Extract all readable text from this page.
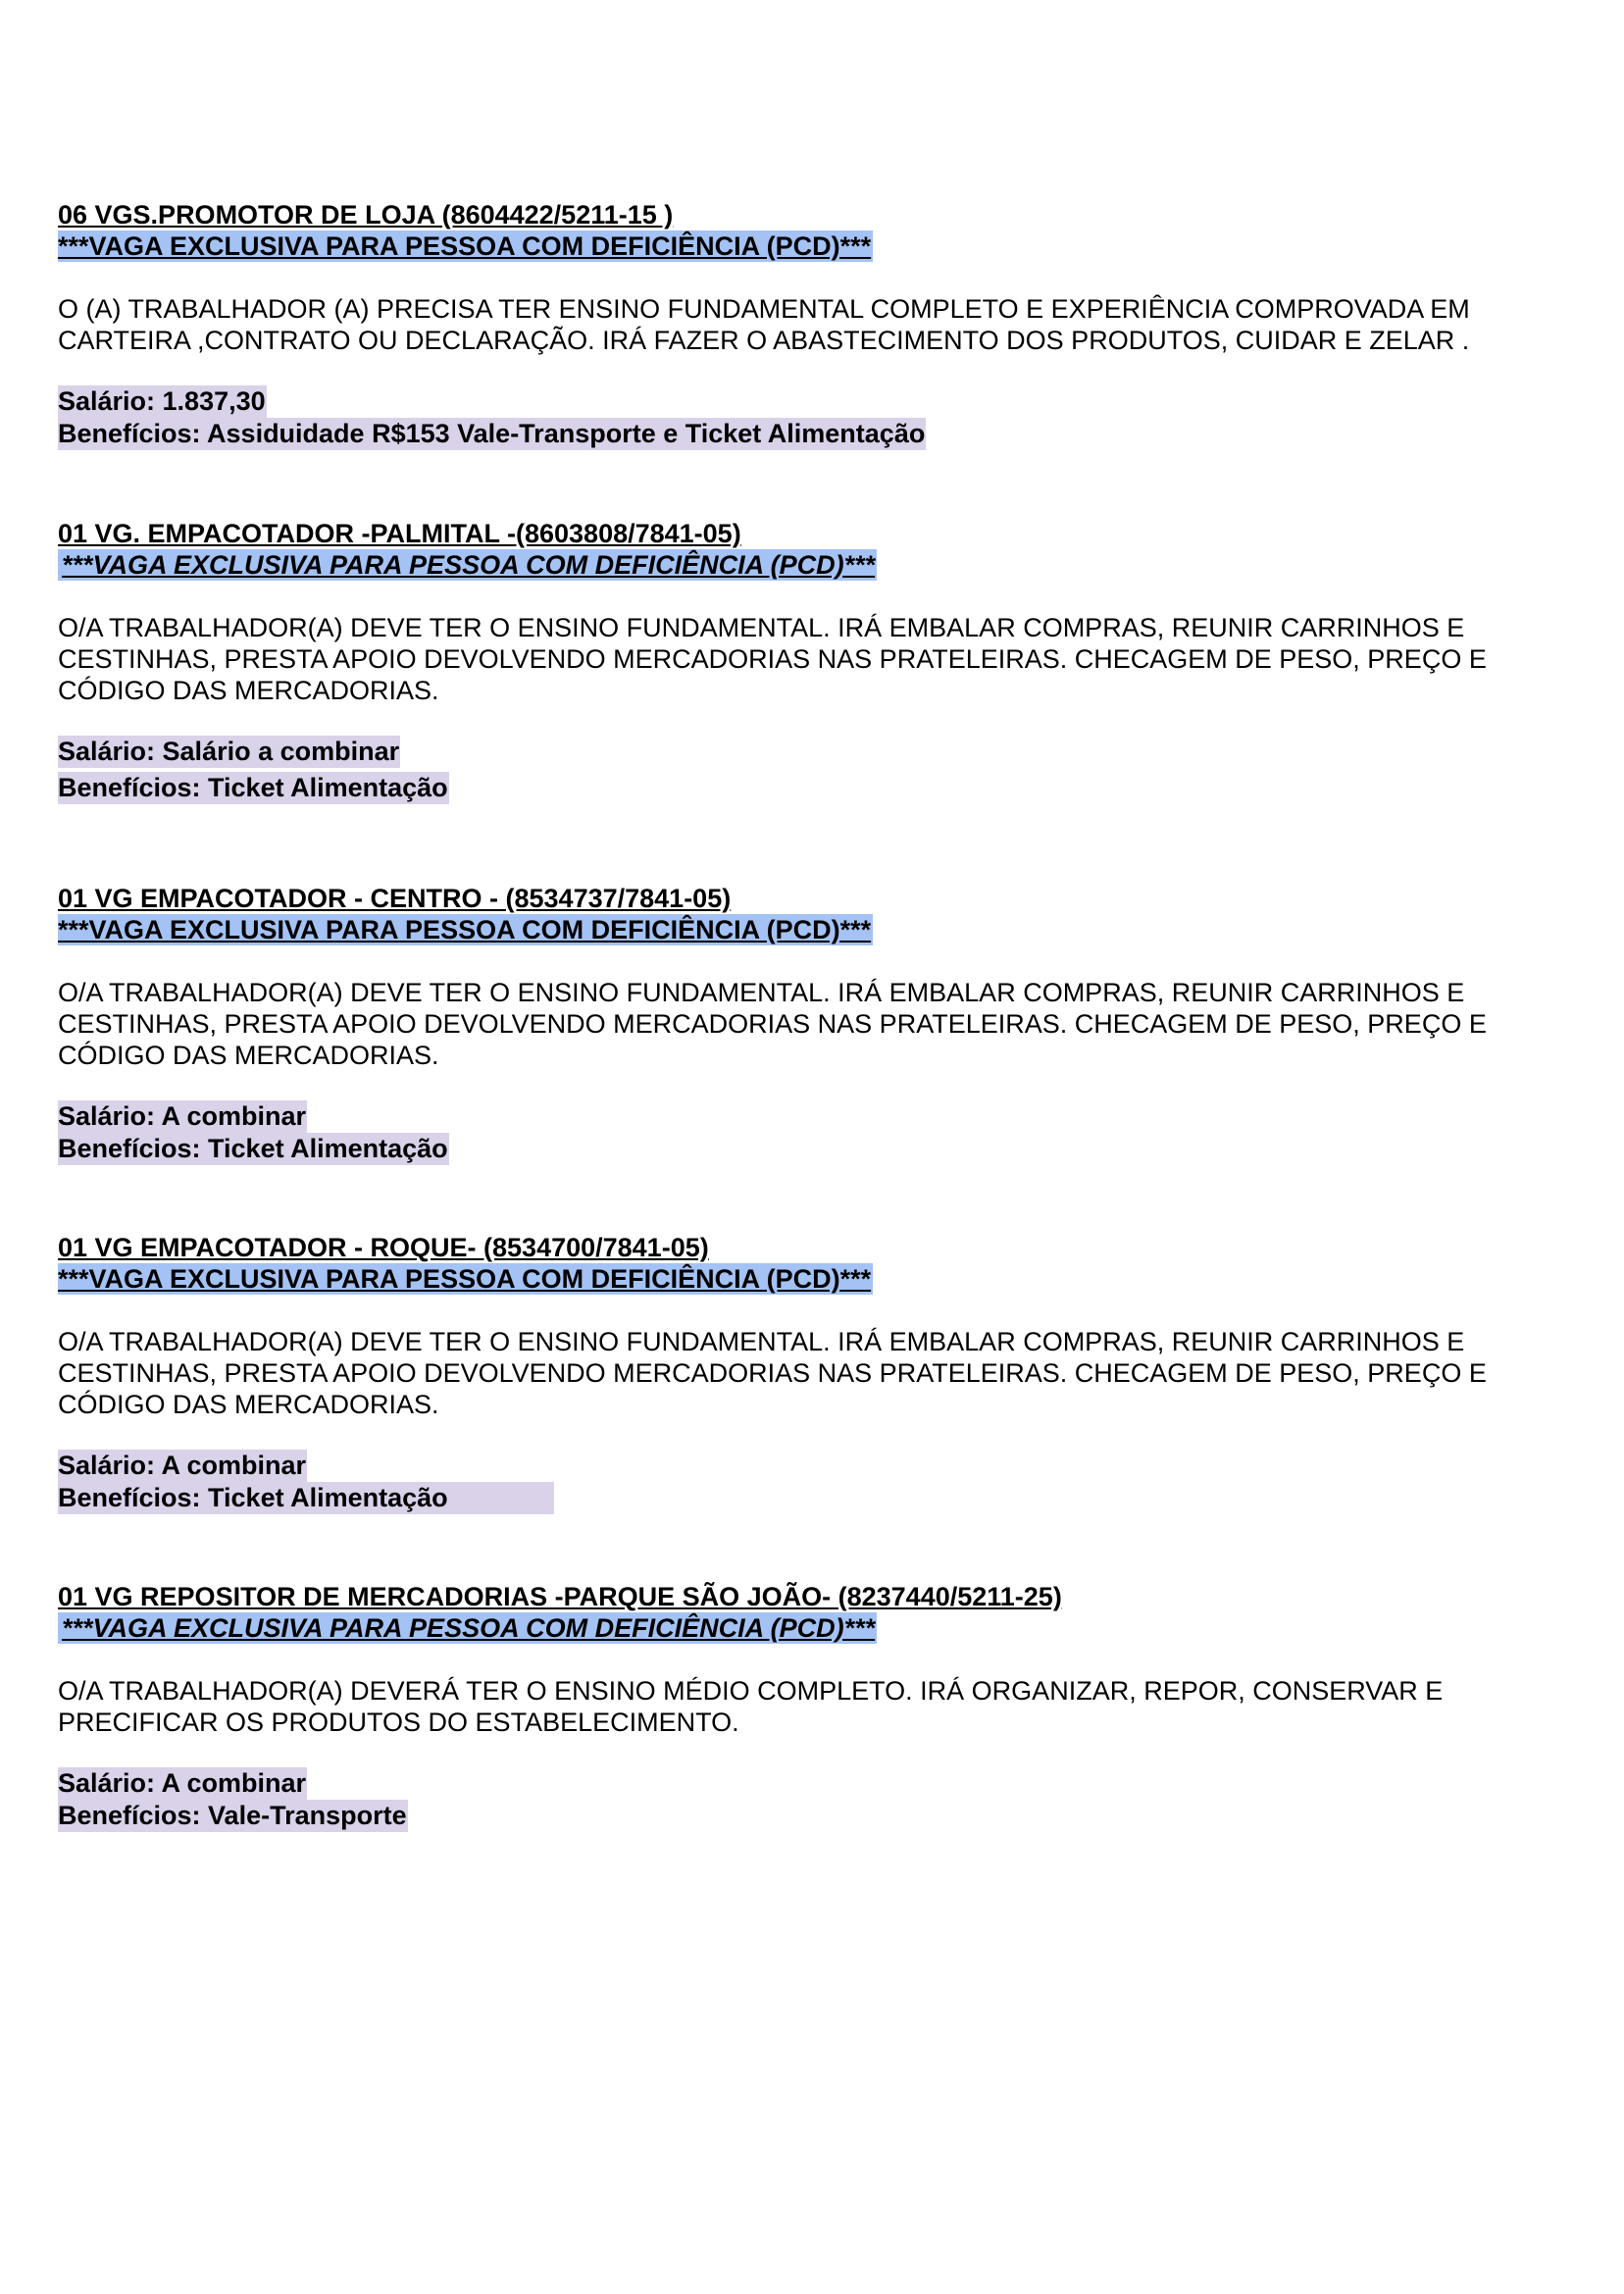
06 VGS.PROMOTOR DE LOJA (8604422/5211-15 )
***VAGA EXCLUSIVA PARA PESSOA COM DEFICIÊNCIA (PCD)***
O (A) TRABALHADOR (A) PRECISA TER ENSINO FUNDAMENTAL COMPLETO E EXPERIÊNCIA COMPROVADA EM
CARTEIRA ,CONTRATO OU DECLARAÇÃO. IRÁ FAZER O ABASTECIMENTO DOS PRODUTOS, CUIDAR E ZELAR .
Salário: 1.837,30
Benefícios: Assiduidade R$153 Vale-Transporte e Ticket Alimentação
01 VG. EMPACOTADOR -PALMITAL -(8603808/7841-05)
***VAGA EXCLUSIVA PARA PESSOA COM DEFICIÊNCIA (PCD)***
O/A TRABALHADOR(A) DEVE TER O ENSINO FUNDAMENTAL. IRÁ EMBALAR COMPRAS, REUNIR CARRINHOS E
CESTINHAS, PRESTA APOIO DEVOLVENDO MERCADORIAS NAS PRATELEIRAS. CHECAGEM DE PESO, PREÇO E
CÓDIGO DAS MERCADORIAS.
Salário: Salário a combinar
Benefícios: Ticket Alimentação
01 VG EMPACOTADOR - CENTRO - (8534737/7841-05)
***VAGA EXCLUSIVA PARA PESSOA COM DEFICIÊNCIA (PCD)***
O/A TRABALHADOR(A) DEVE TER O ENSINO FUNDAMENTAL. IRÁ EMBALAR COMPRAS, REUNIR CARRINHOS E
CESTINHAS, PRESTA APOIO DEVOLVENDO MERCADORIAS NAS PRATELEIRAS. CHECAGEM DE PESO, PREÇO E
CÓDIGO DAS MERCADORIAS.
Salário: A combinar
Benefícios: Ticket Alimentação
01 VG EMPACOTADOR - ROQUE- (8534700/7841-05)
***VAGA EXCLUSIVA PARA PESSOA COM DEFICIÊNCIA (PCD)***
O/A TRABALHADOR(A) DEVE TER O ENSINO FUNDAMENTAL. IRÁ EMBALAR COMPRAS, REUNIR CARRINHOS E
CESTINHAS, PRESTA APOIO DEVOLVENDO MERCADORIAS NAS PRATELEIRAS. CHECAGEM DE PESO, PREÇO E
CÓDIGO DAS MERCADORIAS.
Salário: A combinar
Benefícios: Ticket Alimentação
01 VG REPOSITOR DE MERCADORIAS -PARQUE SÃO JOÃO- (8237440/5211-25)
***VAGA EXCLUSIVA PARA PESSOA COM DEFICIÊNCIA (PCD)***
O/A TRABALHADOR(A) DEVERÁ TER O ENSINO MÉDIO COMPLETO. IRÁ ORGANIZAR, REPOR, CONSERVAR E
PRECIFICAR OS PRODUTOS DO ESTABELECIMENTO.
Salário: A combinar
Benefícios: Vale-Transporte
